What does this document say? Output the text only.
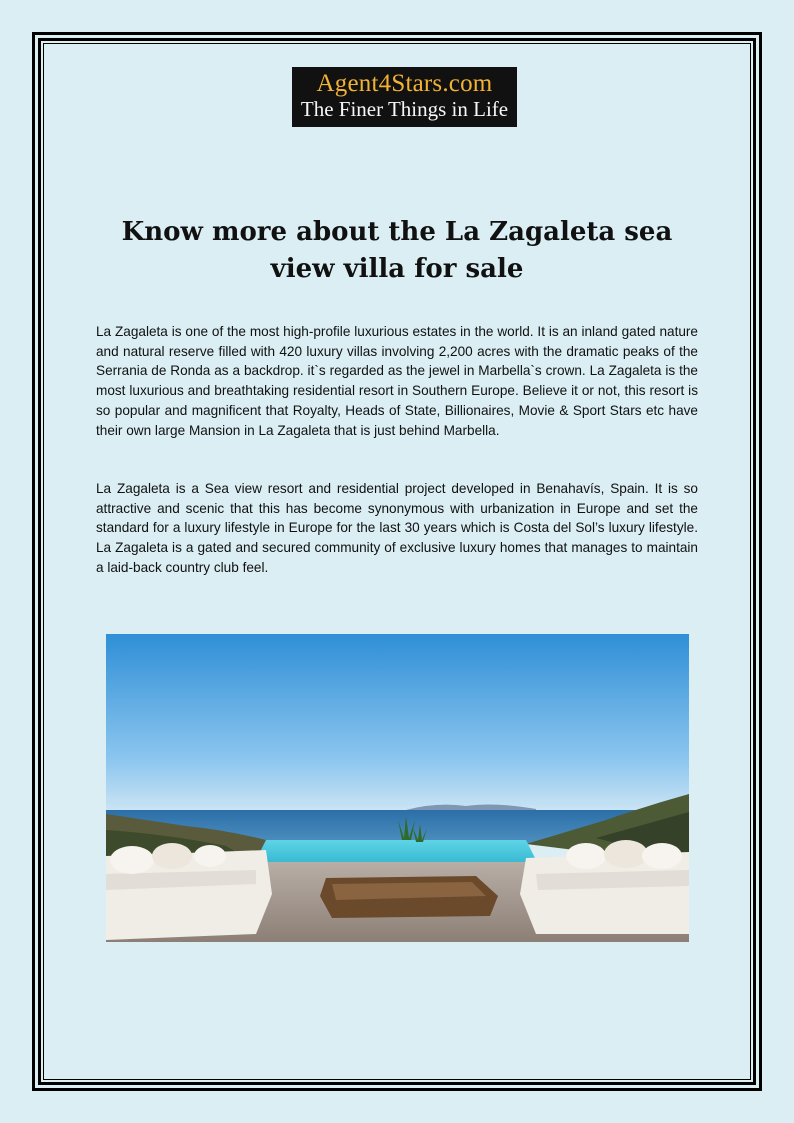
Agent4Stars.com
The Finer Things in Life
Know more about the La Zagaleta sea view villa for sale

La Zagaleta is one of the most high-profile luxurious estates in the world. It is an inland gated nature and natural reserve filled with 420 luxury villas involving 2,200 acres with the dramatic peaks of the Serrania de Ronda as a backdrop. it`s regarded as the jewel in Marbella`s crown. La Zagaleta is the most luxurious and breathtaking residential resort in Southern Europe. Believe it or not, this resort is so popular and magnificent that Royalty, Heads of State, Billionaires, Movie & Sport Stars etc have their own large Mansion in La Zagaleta that is just behind Marbella.

La Zagaleta is a Sea view resort and residential project developed in Benahavís, Spain. It is so attractive and scenic that this has become synonymous with urbanization in Europe and set the standard for a luxury lifestyle in Europe for the last 30 years which is Costa del Sol’s luxury lifestyle. La Zagaleta is a gated and secured community of exclusive luxury homes that manages to maintain a laid-back country club feel.
